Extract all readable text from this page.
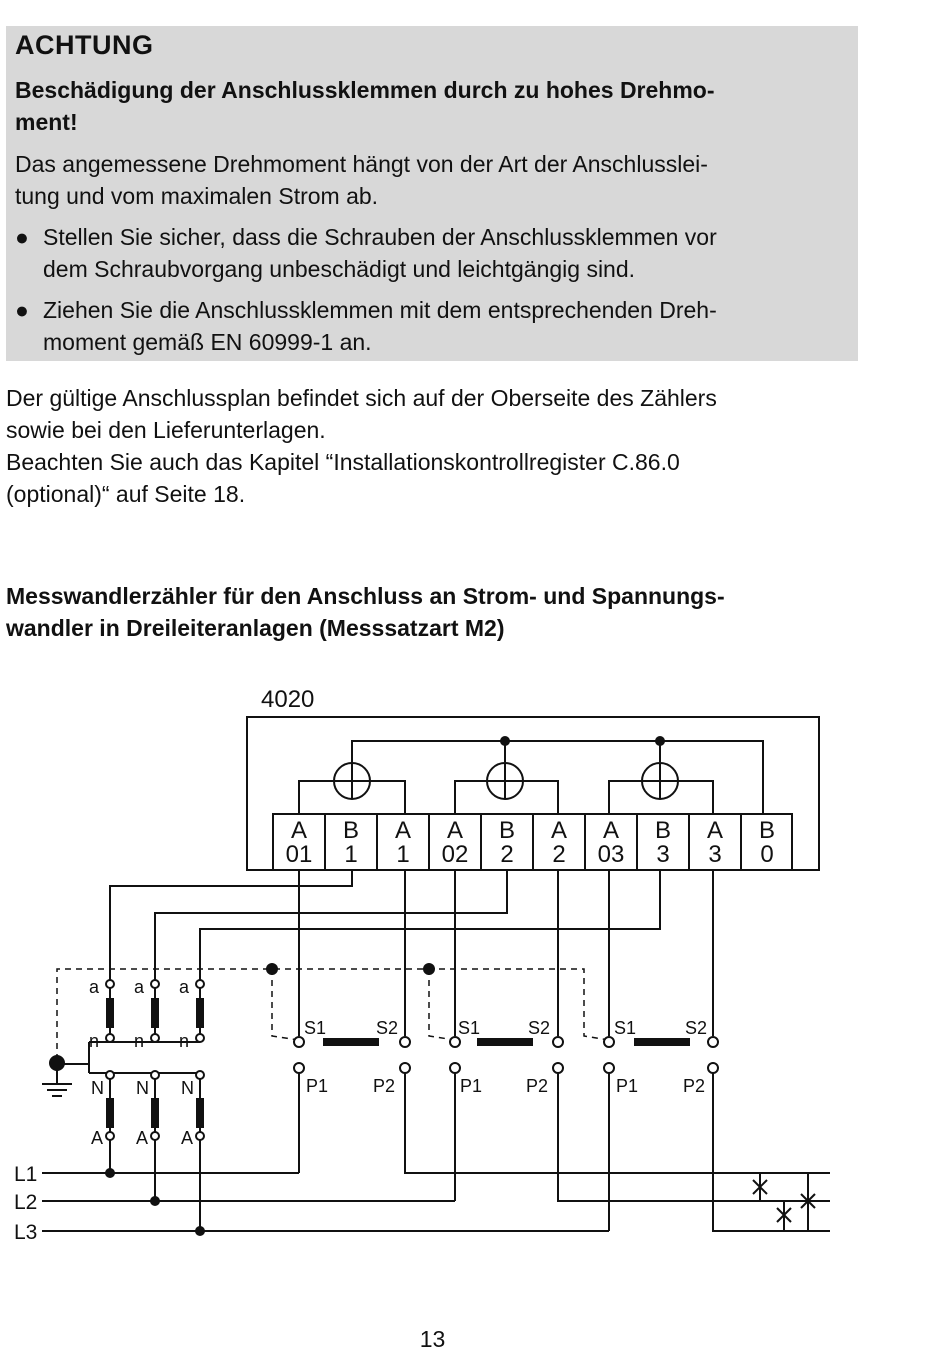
ACHTUNG
Beschädigung der Anschlussklemmen durch zu hohes Drehmo-
ment!
Das angemessene Drehmoment hängt von der Art der Anschlusslei-
tung und vom maximalen Strom ab.
● Stellen Sie sicher, dass die Schrauben der Anschlussklemmen vor
dem Schraubvorgang unbeschädigt und leichtgängig sind.
● Ziehen Sie die Anschlussklemmen mit dem entsprechenden Dreh-
moment gemäß EN 60999-1 an.
Der gültige Anschlussplan befindet sich auf der Oberseite des Zählers
sowie bei den Lieferunterlagen.
Beachten Sie auch das Kapitel “Installationskontrollregister C.86.0
(optional)“ auf Seite 18.
Messwandlerzähler für den Anschluss an Strom- und Spannungs-
wandler in Dreileiteranlagen (Messsatzart M2)
4020
A
01
B
1
A
1
A
02
B
2
A
2
A
03
B
3
A
3
B
0
a a a
n n n
N N N
A A A
S1	S2	S1	S2	S1	S2
P1 P2	P1 P2	P1 P2
L1
L2
L3
13
